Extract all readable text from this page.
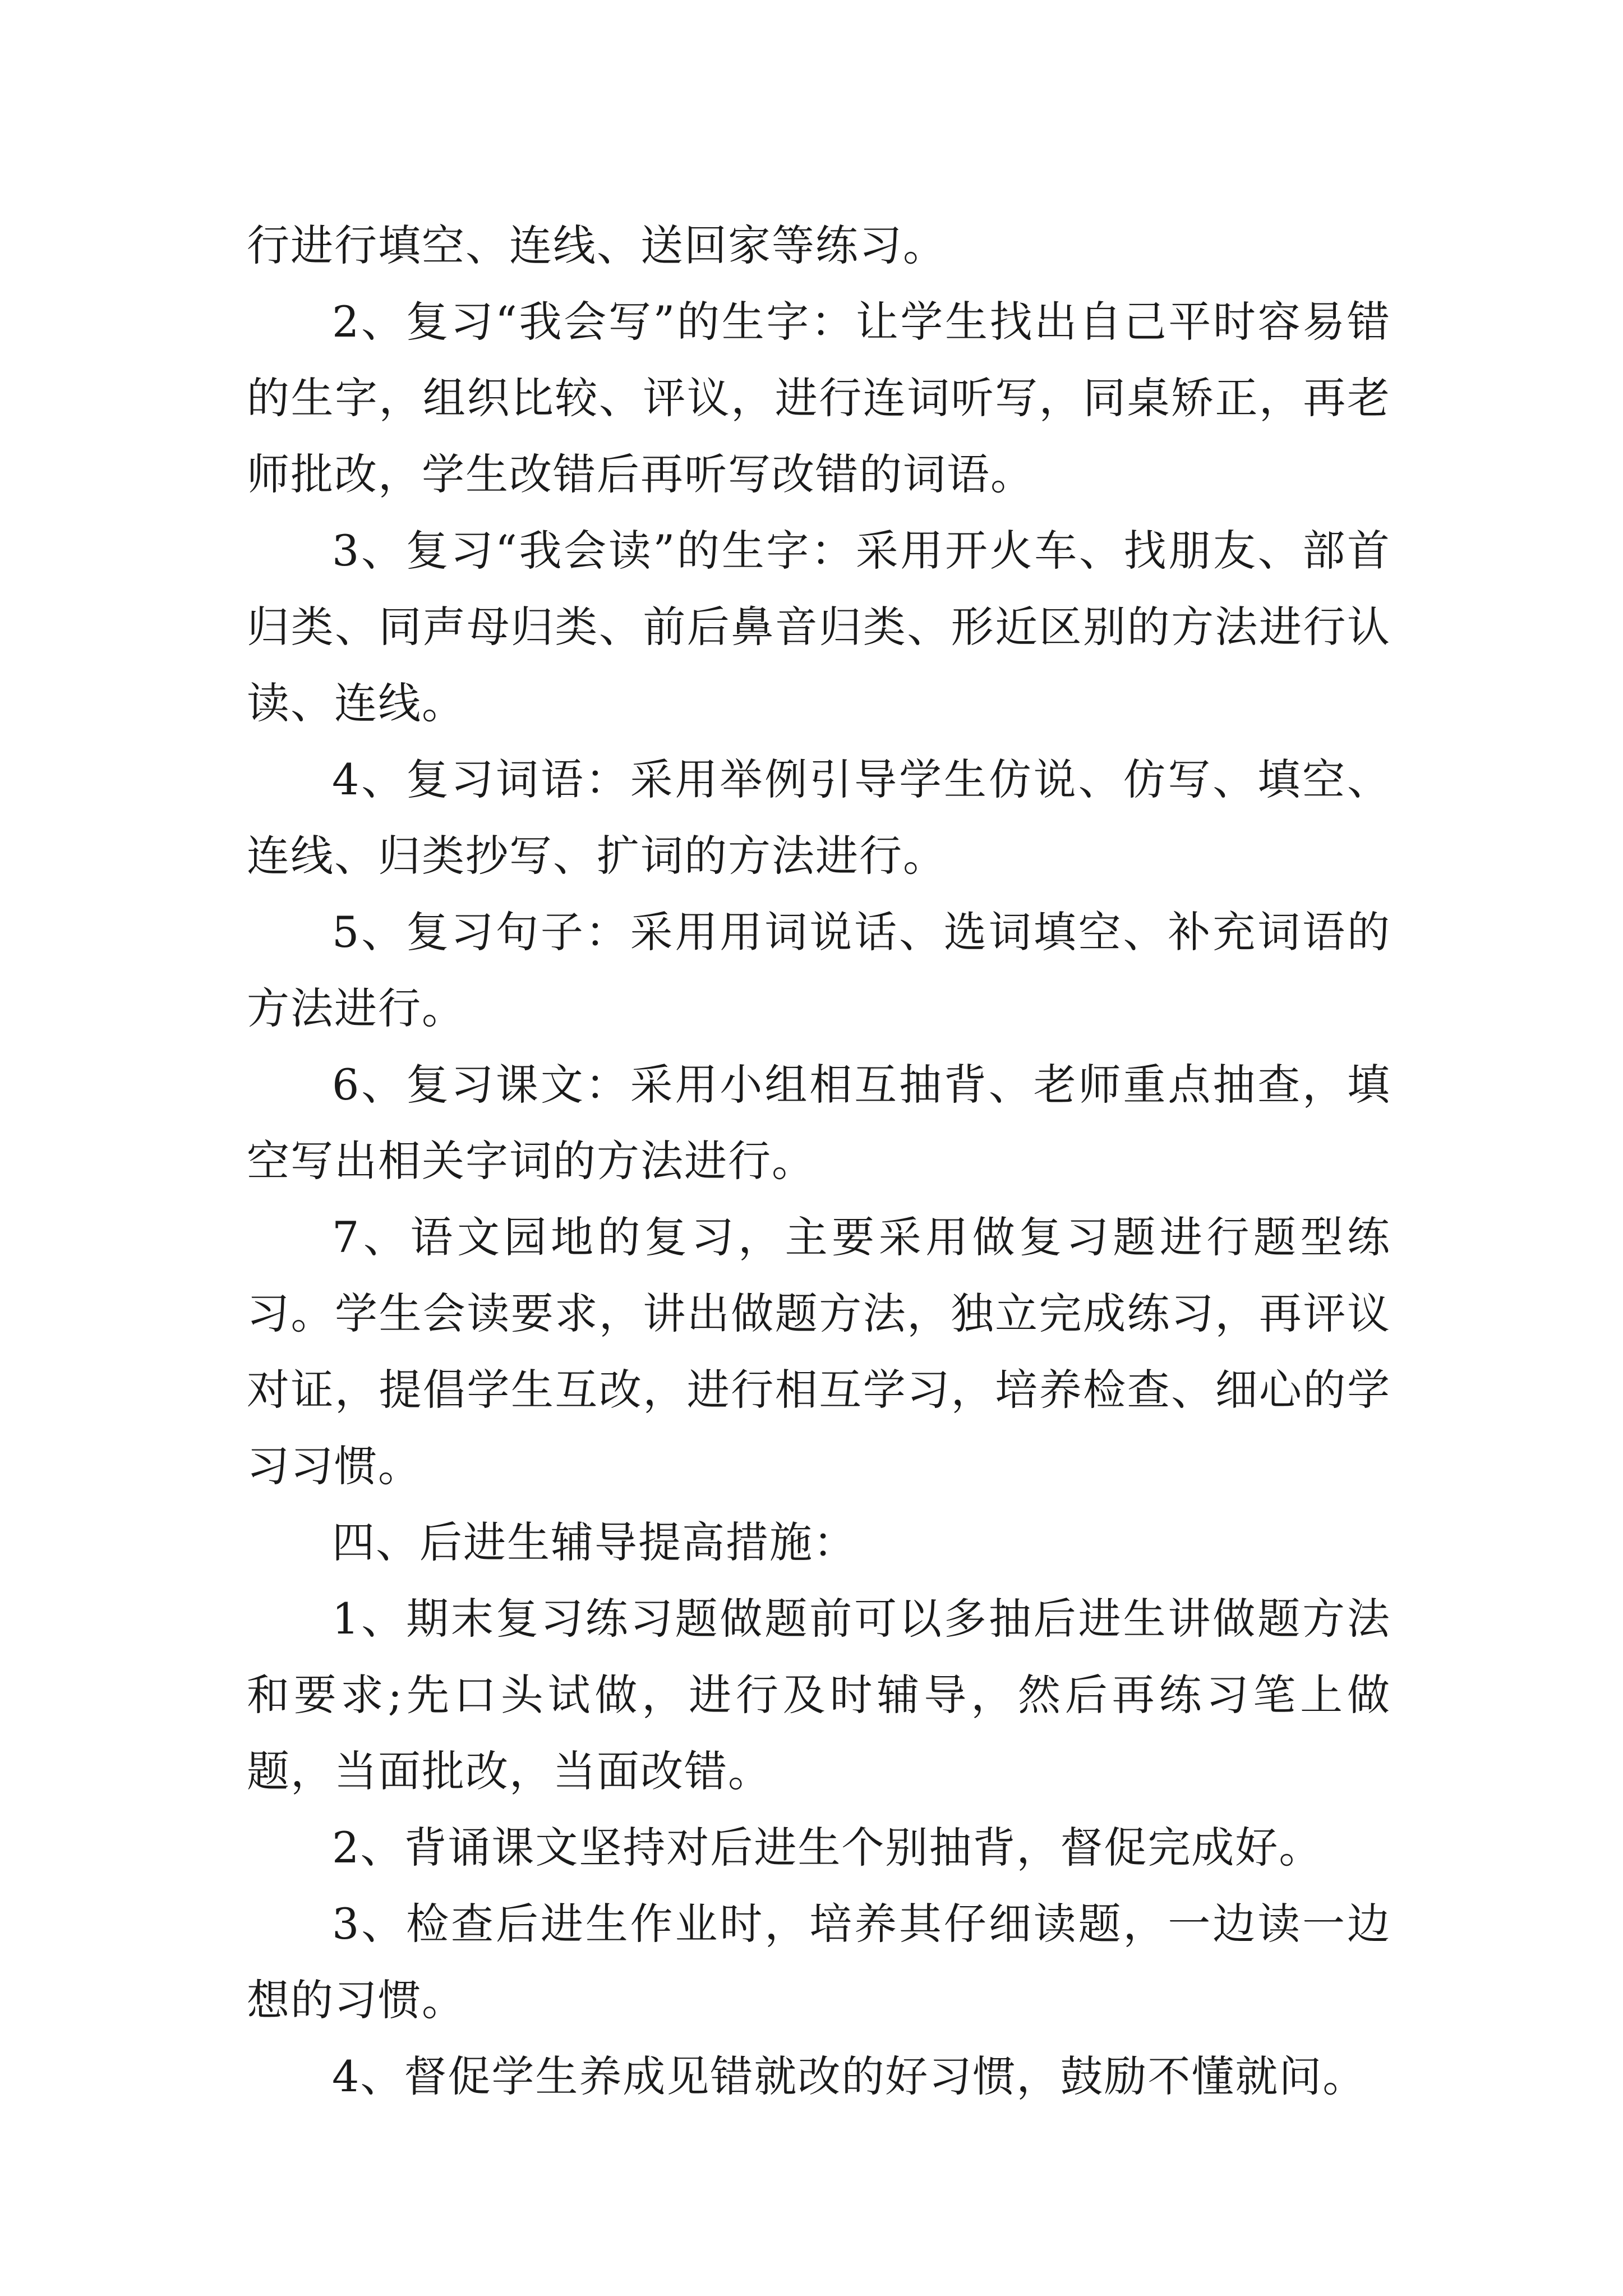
行进行填空、连线、送回家等练习。

2、复习“我会写”的生字：让学生找出自己平时容易错的生字，组织比较、评议，进行连词听写，同桌矫正，再老师批改，学生改错后再听写改错的词语。

3、复习“我会读”的生字：采用开火车、找朋友、部首归类、同声母归类、前后鼻音归类、形近区别的方法进行认读、连线。

4、复习词语：采用举例引导学生仿说、仿写、填空、连线、归类抄写、扩词的方法进行。

5、复习句子：采用用词说话、选词填空、补充词语的方法进行。

6、复习课文：采用小组相互抽背、老师重点抽查，填空写出相关字词的方法进行。

7、语文园地的复习，主要采用做复习题进行题型练习。学生会读要求，讲出做题方法，独立完成练习，再评议对证，提倡学生互改，进行相互学习，培养检查、细心的学习习惯。

四、后进生辅导提高措施：

1、期末复习练习题做题前可以多抽后进生讲做题方法和要求;先口头试做，进行及时辅导，然后再练习笔上做题，当面批改，当面改错。

2、背诵课文坚持对后进生个别抽背，督促完成好。

3、检查后进生作业时，培养其仔细读题，一边读一边想的习惯。

4、督促学生养成见错就改的好习惯，鼓励不懂就问。
